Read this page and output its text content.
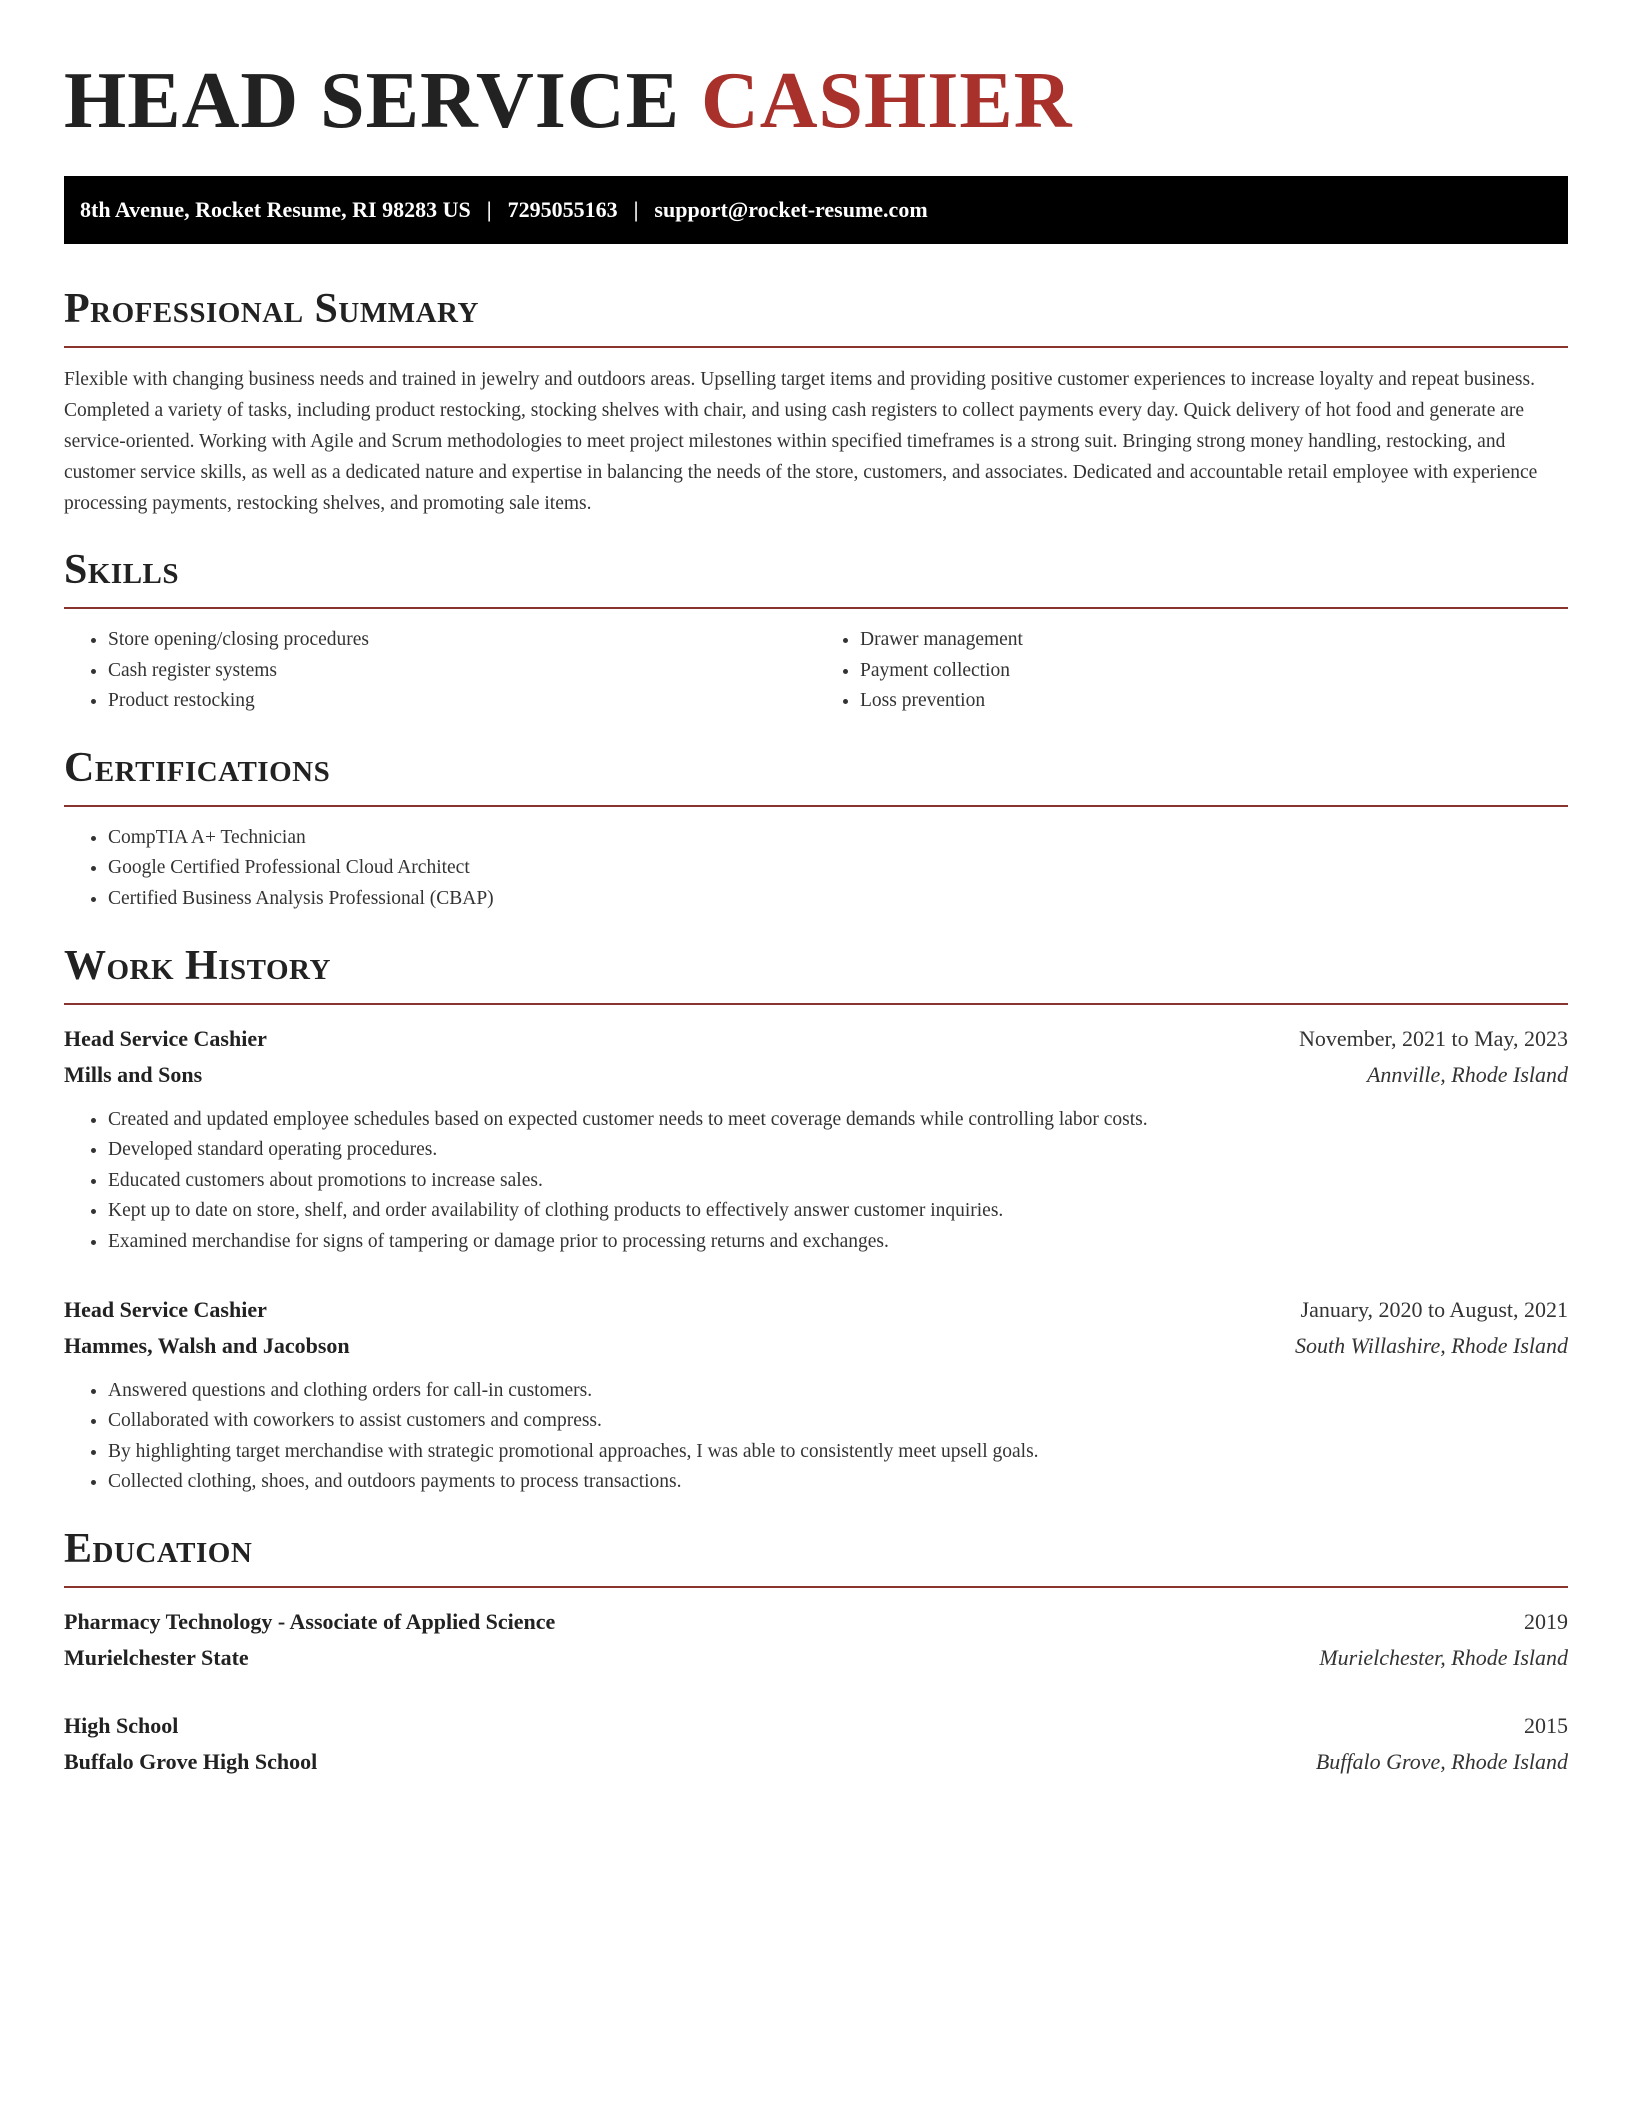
HEAD SERVICE CASHIER
8th Avenue, Rocket Resume, RI 98283 US | 7295055163 | support@rocket-resume.com
Professional Summary

Flexible with changing business needs and trained in jewelry and outdoors areas. Upselling target items and providing positive customer experiences to increase loyalty and repeat business. Completed a variety of tasks, including product restocking, stocking shelves with chair, and using cash registers to collect payments every day. Quick delivery of hot food and generate are service-oriented. Working with Agile and Scrum methodologies to meet project milestones within specified timeframes is a strong suit. Bringing strong money handling, restocking, and customer service skills, as well as a dedicated nature and expertise in balancing the needs of the store, customers, and associates. Dedicated and accountable retail employee with experience processing payments, restocking shelves, and promoting sale items.

Skills
• Store opening/closing procedures
• Cash register systems
• Product restocking
• Drawer management
• Payment collection
• Loss prevention
Certifications
• CompTIA A+ Technician
• Google Certified Professional Cloud Architect
• Certified Business Analysis Professional (CBAP)
Work History
Head Service Cashier	November, 2021 to May, 2023
Mills and Sons	Annville, Rhode Island
• Created and updated employee schedules based on expected customer needs to meet coverage demands while controlling labor costs.
• Developed standard operating procedures.
• Educated customers about promotions to increase sales.
• Kept up to date on store, shelf, and order availability of clothing products to effectively answer customer inquiries.
• Examined merchandise for signs of tampering or damage prior to processing returns and exchanges.
Head Service Cashier	January, 2020 to August, 2021
Hammes, Walsh and Jacobson	South Willashire, Rhode Island
• Answered questions and clothing orders for call-in customers.
• Collaborated with coworkers to assist customers and compress.
• By highlighting target merchandise with strategic promotional approaches, I was able to consistently meet upsell goals.
• Collected clothing, shoes, and outdoors payments to process transactions.
Education
Pharmacy Technology - Associate of Applied Science	2019
Murielchester State	Murielchester, Rhode Island
High School	2015
Buffalo Grove High School	Buffalo Grove, Rhode Island
